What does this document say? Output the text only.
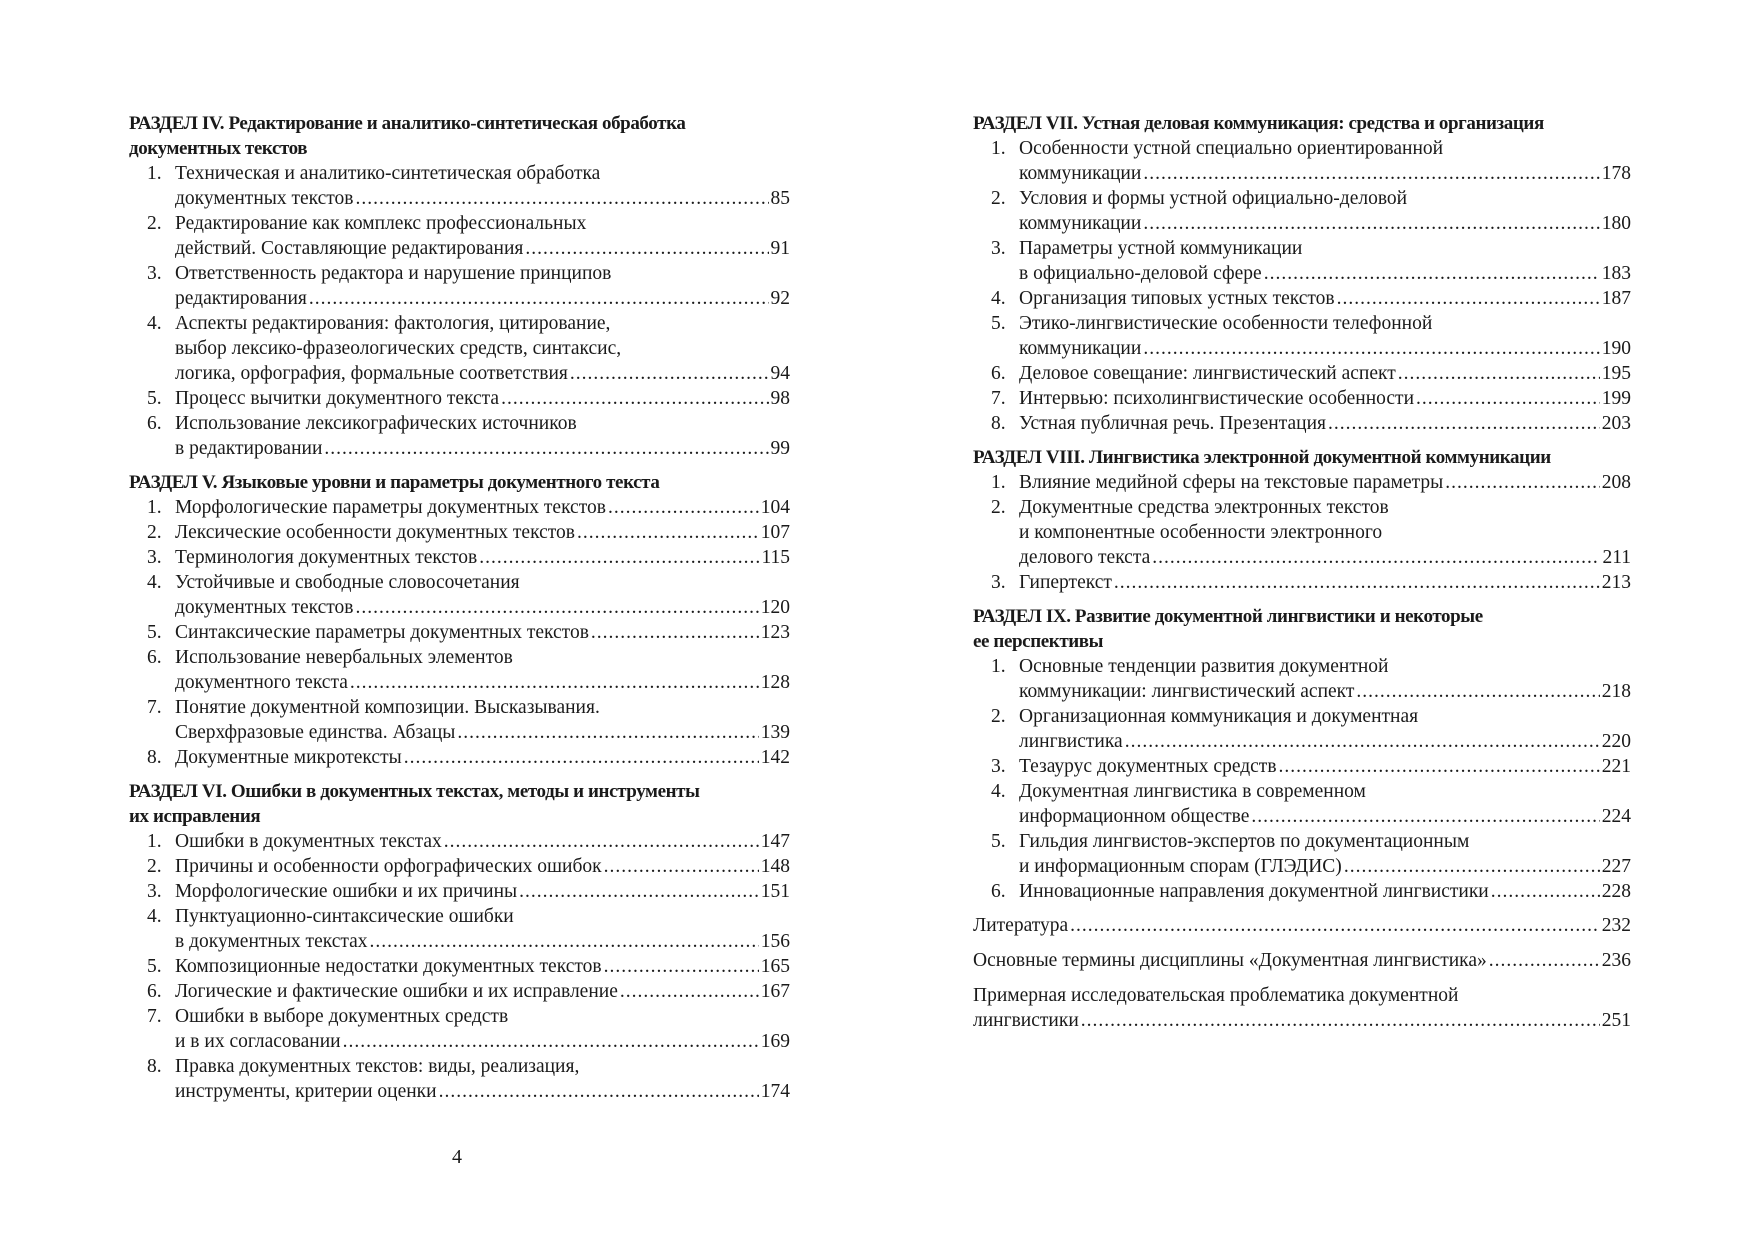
РАЗДЕЛ IV. Редактирование и аналитико-синтетическая обработка
документных текстов
1. Техническая и аналитико-синтетическая обработка
документных текстов .....	85
2. Редактирование как комплекс профессиональных
действий. Составляющие редактирования .....	91
3. Ответственность редактора и нарушение принципов
редактирования .....	92
4. Аспекты редактирования: фактология, цитирование,
выбор лексико-фразеологических средств, синтаксис,
логика, орфография, формальные соответствия .....	94
5. Процесс вычитки документного текста .....	98
6. Использование лексикографических источников
в редактировании .....	99
РАЗДЕЛ V. Языковые уровни и параметры документного текста
1. Морфологические параметры документных текстов .....	104
2. Лексические особенности документных текстов .....	107
3. Терминология документных текстов .....	115
4. Устойчивые и свободные словосочетания
документных текстов .....	120
5. Синтаксические параметры документных текстов .....	123
6. Использование невербальных элементов
документного текста .....	128
7. Понятие документной композиции. Высказывания.
Сверхфразовые единства. Абзацы .....	139
8. Документные микротексты .....	142
РАЗДЕЛ VI. Ошибки в документных текстах, методы и инструменты
их исправления
1. Ошибки в документных текстах .....	147
2. Причины и особенности орфографических ошибок .....	148
3. Морфологические ошибки и их причины .....	151
4. Пунктуационно-синтаксические ошибки
в документных текстах .....	156
5. Композиционные недостатки документных текстов .....	165
6. Логические и фактические ошибки и их исправление .....	167
7. Ошибки в выборе документных средств
и в их согласовании .....	169
8. Правка документных текстов: виды, реализация,
инструменты, критерии оценки .....	174
РАЗДЕЛ VII. Устная деловая коммуникация: средства и организация
1. Особенности устной специально ориентированной
коммуникации .....	178
2. Условия и формы устной официально-деловой
коммуникации .....	180
3. Параметры устной коммуникации
в официально-деловой сфере .....	183
4. Организация типовых устных текстов .....	187
5. Этико-лингвистические особенности телефонной
коммуникации .....	190
6. Деловое совещание: лингвистический аспект .....	195
7. Интервью: психолингвистические особенности .....	199
8. Устная публичная речь. Презентация .....	203
РАЗДЕЛ VIII. Лингвистика электронной документной коммуникации
1. Влияние медийной сферы на текстовые параметры .....	208
2. Документные средства электронных текстов
и компонентные особенности электронного
делового текста .....	211
3. Гипертекст .....	213
РАЗДЕЛ IX. Развитие документной лингвистики и некоторые
ее перспективы
1. Основные тенденции развития документной
коммуникации: лингвистический аспект .....	218
2. Организационная коммуникация и документная
лингвистика .....	220
3. Тезаурус документных средств .....	221
4. Документная лингвистика в современном
информационном обществе .....	224
5. Гильдия лингвистов-экспертов по документационным
и информационным спорам (ГЛЭДИС) .....	227
6. Инновационные направления документной лингвистики .....	228
Литература .....	232
Основные термины дисциплины «Документная лингвистика» .....	236
Примерная исследовательская проблематика документной
лингвистики .....	251
4
